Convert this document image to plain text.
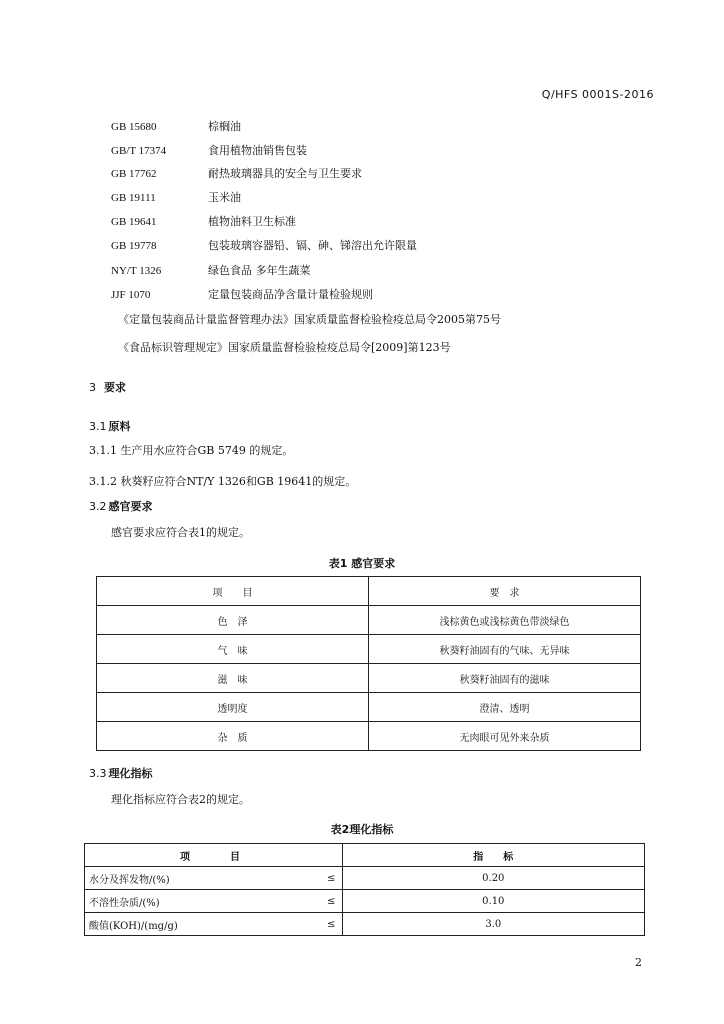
Q/HFS 0001S-2016
GB 15680	棕榈油
GB/T 17374	食用植物油销售包装
GB 17762	耐热玻璃器具的安全与卫生要求
GB 19111	玉米油
GB 19641	植物油料卫生标准
GB 19778	包装玻璃容器铅、镉、砷、锑溶出允许限量
NY/T 1326	绿色食品 多年生蔬菜
JJF 1070	定量包装商品净含量计量检验规则
《定量包装商品计量监督管理办法》国家质量监督检验检疫总局令2005第75号
《食品标识管理规定》国家质量监督检验检疫总局令[2009]第123号
3 要求
3.1 原料
3.1.1 生产用水应符合GB 5749 的规定。
3.1.2 秋葵籽应符合NT/Y 1326和GB 19641的规定。
3.2 感官要求
感官要求应符合表1的规定。
表1 感官要求
项　　目	要　求
色　泽	浅棕黄色或浅棕黄色带淡绿色
气　味	秋葵籽油固有的气味、无异味
滋　味	秋葵籽油固有的滋味
透明度	澄清、透明
杂　质	无肉眼可见外来杂质
3.3 理化指标
理化指标应符合表2的规定。
表2理化指标
项　　　　目		指　　标
水分及挥发物/(%)	≤	0.20
不溶性杂质/(%)	≤	0.10
酸值(KOH)/(mg/g)	≤	3.0
2
